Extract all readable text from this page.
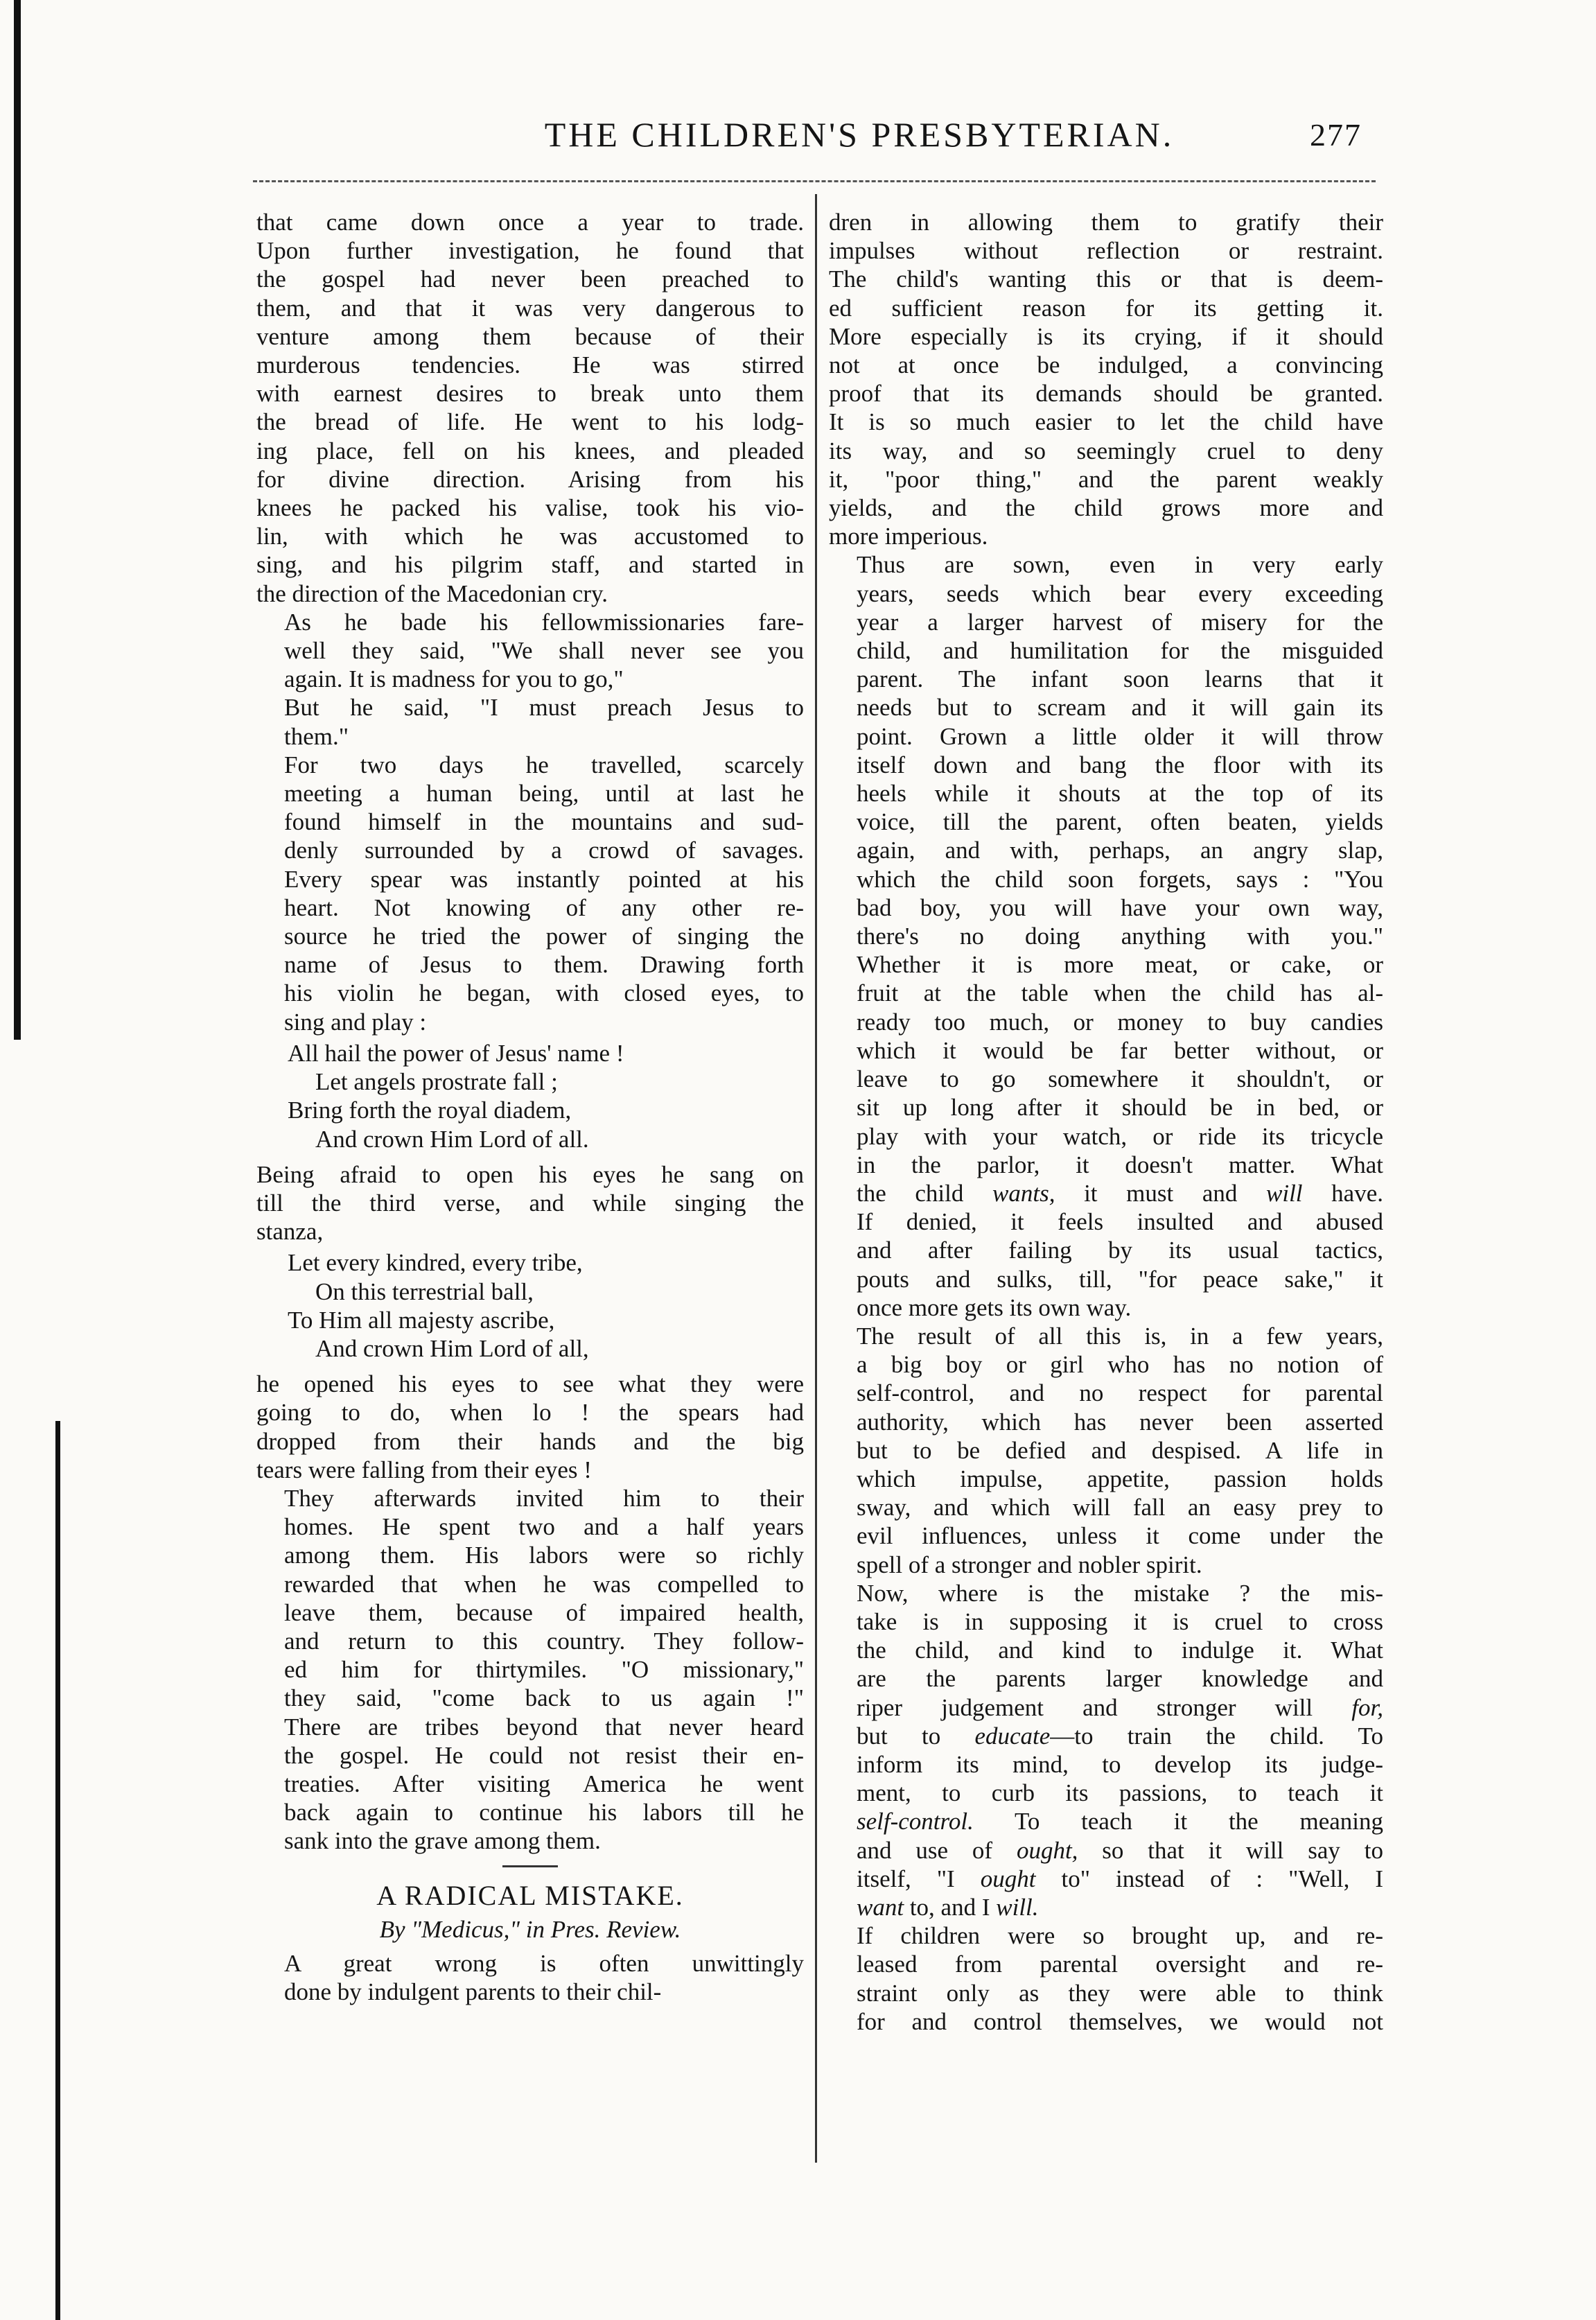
THE CHILDREN'S PRESBYTERIAN.	277

that came down once a year to trade.
Upon further investigation, he found that
the gospel had never been preached to
them, and that it was very dangerous to
venture among them because of their
murderous tendencies. He was stirred
with earnest desires to break unto them
the bread of life. He went to his lodg-
ing place, fell on his knees, and pleaded
for divine direction. Arising from his
knees he packed his valise, took his vio-
lin, with which he was accustomed to
sing, and his pilgrim staff, and started in
the direction of the Macedonian cry.

As he bade his fellowmissionaries fare-
well they said, "We shall never see you
again. It is madness for you to go,"

But he said, "I must preach Jesus to
them."

For two days he travelled, scarcely
meeting a human being, until at last he
found himself in the mountains and sud-
denly surrounded by a crowd of savages.
Every spear was instantly pointed at his
heart. Not knowing of any other re-
source he tried the power of singing the
name of Jesus to them. Drawing forth
his violin he began, with closed eyes, to
sing and play :

All hail the power of Jesus' name !
Let angels prostrate fall ;
Bring forth the royal diadem,
And crown Him Lord of all.

Being afraid to open his eyes he sang on
till the third verse, and while singing the
stanza,

Let every kindred, every tribe,
On this terrestrial ball,
To Him all majesty ascribe,
And crown Him Lord of all,

he opened his eyes to see what they were
going to do, when lo ! the spears had
dropped from their hands and the big
tears were falling from their eyes !

They afterwards invited him to their
homes. He spent two and a half years
among them. His labors were so richly
rewarded that when he was compelled to
leave them, because of impaired health,
and return to this country. They follow-
ed him for thirtymiles. "O missionary,"
they said, "come back to us again !"
There are tribes beyond that never heard
the gospel. He could not resist their en-
treaties. After visiting America he went
back again to continue his labors till he
sank into the grave among them.

A RADICAL MISTAKE.
By "Medicus," in Pres. Review.

A great wrong is often unwittingly
done by indulgent parents to their chil-

dren in allowing them to gratify their
impulses without reflection or restraint.
The child's wanting this or that is deem-
ed sufficient reason for its getting it.
More especially is its crying, if it should
not at once be indulged, a convincing
proof that its demands should be granted.
It is so much easier to let the child have
its way, and so seemingly cruel to deny
it, "poor thing," and the parent weakly
yields, and the child grows more and
more imperious.

Thus are sown, even in very early
years, seeds which bear every exceeding
year a larger harvest of misery for the
child, and humilitation for the misguided
parent. The infant soon learns that it
needs but to scream and it will gain its
point. Grown a little older it will throw
itself down and bang the floor with its
heels while it shouts at the top of its
voice, till the parent, often beaten, yields
again, and with, perhaps, an angry slap,
which the child soon forgets, says : "You
bad boy, you will have your own way,
there's no doing anything with you."
Whether it is more meat, or cake, or
fruit at the table when the child has al-
ready too much, or money to buy candies
which it would be far better without, or
leave to go somewhere it shouldn't, or
sit up long after it should be in bed, or
play with your watch, or ride its tricycle
in the parlor, it doesn't matter. What
the child wants, it must and will have.
If denied, it feels insulted and abused
and after failing by its usual tactics,
pouts and sulks, till, "for peace sake," it
once more gets its own way.

The result of all this is, in a few years,
a big boy or girl who has no notion of
self-control, and no respect for parental
authority, which has never been asserted
but to be defied and despised. A life in
which impulse, appetite, passion holds
sway, and which will fall an easy prey to
evil influences, unless it come under the
spell of a stronger and nobler spirit.

Now, where is the mistake ? the mis-
take is in supposing it is cruel to cross
the child, and kind to indulge it. What
are the parents larger knowledge and
riper judgement and stronger will for,
but to educate—to train the child. To
inform its mind, to develop its judge-
ment, to curb its passions, to teach it
self-control. To teach it the meaning
and use of ought, so that it will say to
itself, "I ought to" instead of : "Well, I
want to, and I will.

If children were so brought up, and re-
leased from parental oversight and re-
straint only as they were able to think
for and control themselves, we would not
